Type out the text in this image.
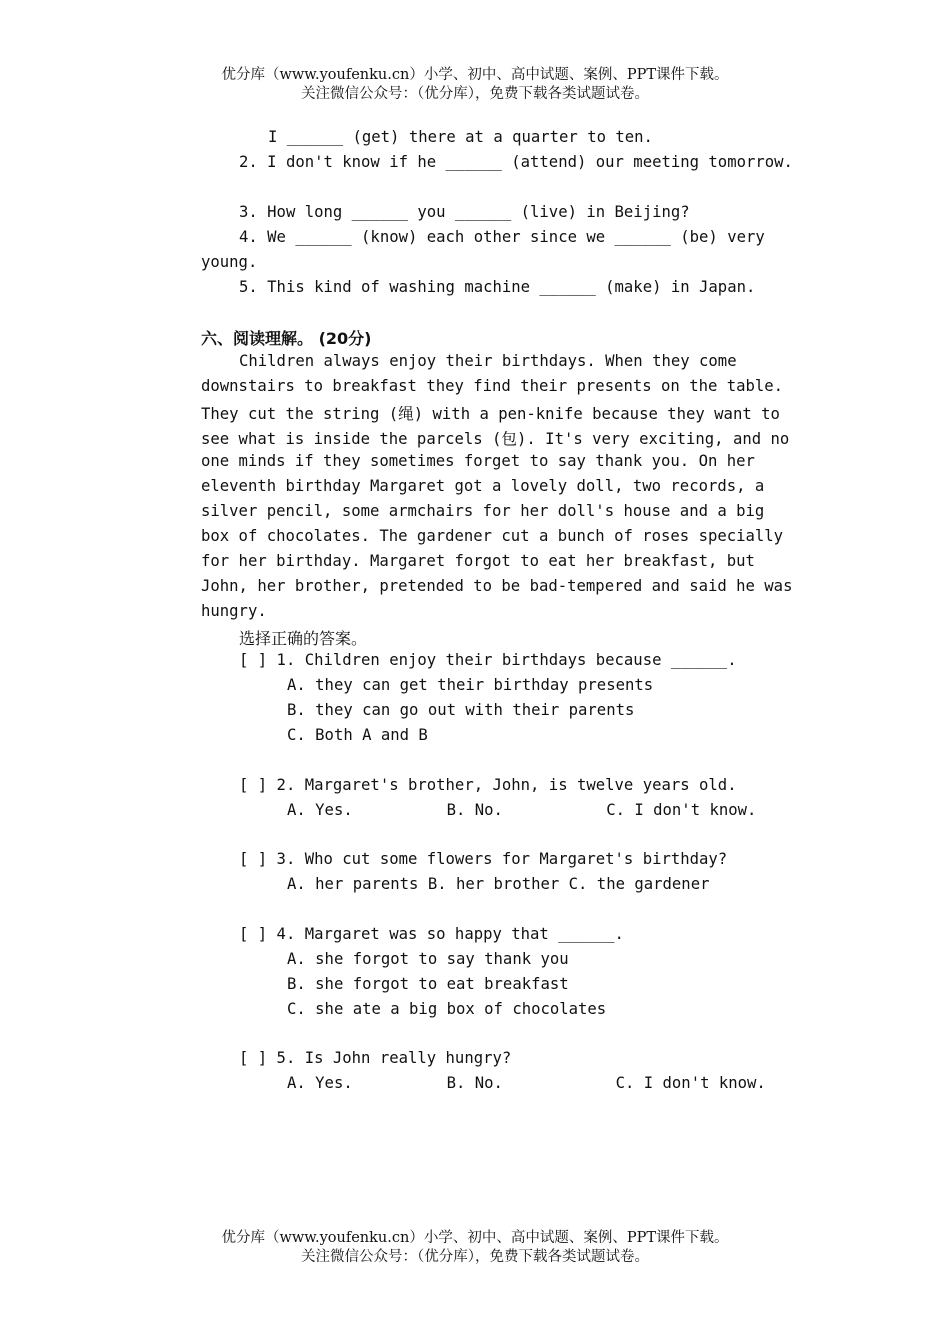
优分库（www.youfenku.cn）小学、初中、高中试题、案例、PPT课件下载。
关注微信公众号：（优分库），免费下载各类试题试卷。
I ______ (get) there at a quarter to ten.
2. I don't know if he ______ (attend) our meeting tomorrow.
3. How long ______ you ______ (live) in Beijing?
4. We ______ (know) each other since we ______ (be) very
young.
5. This kind of washing machine ______ (make) in Japan.
六、阅读理解。 (20分)
Children always enjoy their birthdays. When they come
downstairs to breakfast they find their presents on the table.
They cut the string (绳) with a pen-knife because they want to
see what is inside the parcels (包). It's very exciting, and no
one minds if they sometimes forget to say thank you. On her
eleventh birthday Margaret got a lovely doll, two records, a
silver pencil, some armchairs for her doll's house and a big
box of chocolates. The gardener cut a bunch of roses specially
for her birthday. Margaret forgot to eat her breakfast, but
John, her brother, pretended to be bad-tempered and said he was
hungry.
选择正确的答案。
[ ] 1. Children enjoy their birthdays because ______.
A. they can get their birthday presents
B. they can go out with their parents
C. Both A and B
[ ] 2. Margaret's brother, John, is twelve years old.
A. Yes.          B. No.           C. I don't know.
[ ] 3. Who cut some flowers for Margaret's birthday?
A. her parents B. her brother C. the gardener
[ ] 4. Margaret was so happy that ______.
A. she forgot to say thank you
B. she forgot to eat breakfast
C. she ate a big box of chocolates
[ ] 5. Is John really hungry?
A. Yes.          B. No.            C. I don't know.
优分库（www.youfenku.cn）小学、初中、高中试题、案例、PPT课件下载。
关注微信公众号：（优分库），免费下载各类试题试卷。
